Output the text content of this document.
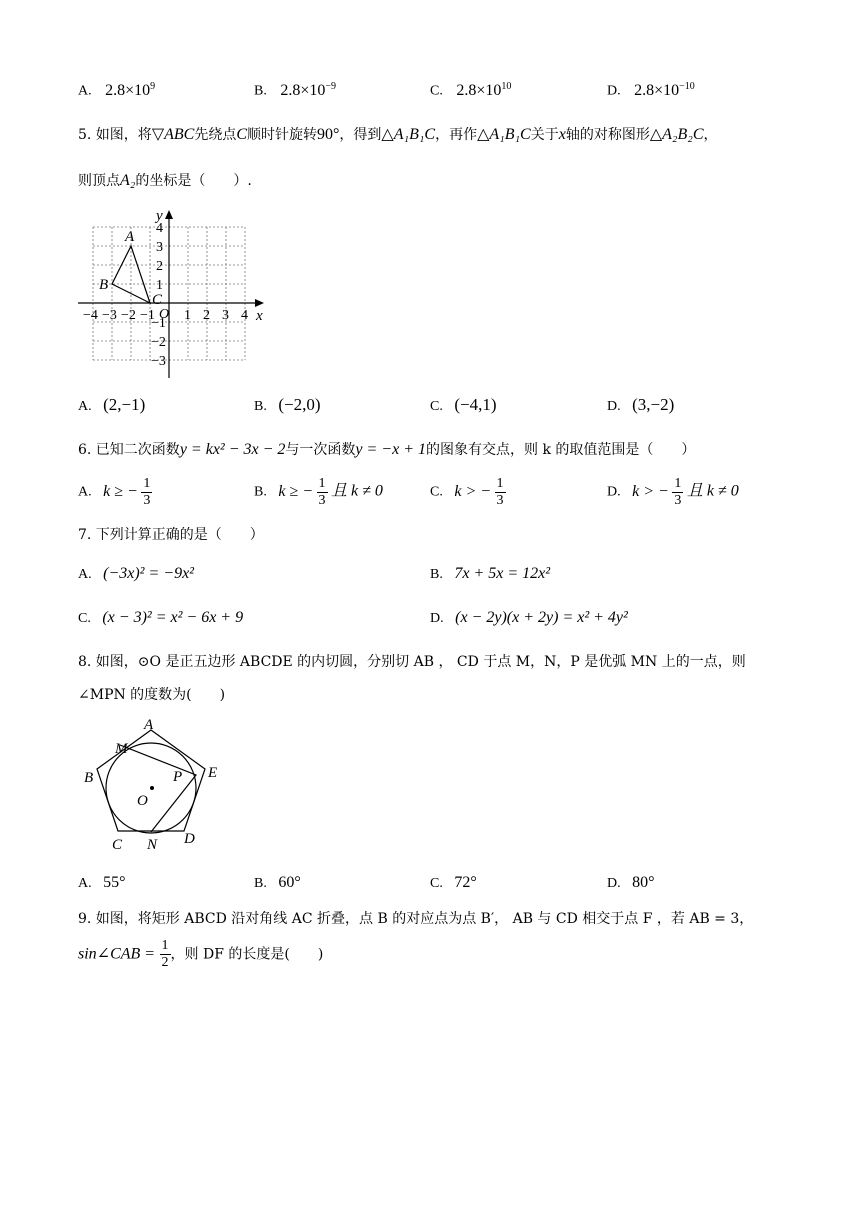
A. $2.8\times 10^9$	B. $2.8\times 10^{-9}$	C. $2.8\times 10^{10}$	D. $2.8\times 10^{-10}$
5. 如图，将▽ABC先绕点C顺时针旋转90°，得到△A₁B₁C，再作△A₁B₁C关于x轴的对称图形△A₂B₂C，
则顶点A₂的坐标是（　　）.
x
y
O
−4 −3 −2 −1 1 2 3 4
4
3
2
1
−1
−2
−3
A
B
C
A. (2,−1)	B. (−2,0)	C. (−4,1)	D. (3,−2)
6. 已知二次函数y = kx² − 3x − 2与一次函数y = −x + 1的图象有交点，则 k 的取值范围是（　　）
A. k ≥ − $\frac{1}{3}$	B. k ≥ − $\frac{1}{3}$ 且 k ≠ 0	C. k > − $\frac{1}{3}$	D. k > − $\frac{1}{3}$ 且 k ≠ 0
7. 下列计算正确的是（　　）
A. (−3x)² = −9x²	B. 7x + 5x = 12x²
C. (x − 3)² = x² − 6x + 9	D. (x − 2y)(x + 2y) = x² + 4y²
8. 如图，⊙O 是正五边形 ABCDE 的内切圆，分别切 AB ， CD 于点 M，N，P 是优弧 MN 上的一点，则
∠MPN 的度数为(　　)
A
M
B	P E
O
C N D
A. 55°	B. 60°	C. 72°	D. 80°
9. 如图，将矩形 ABCD 沿对角线 AC 折叠，点 B 的对应点为点 B′， AB 与 CD 相交于点 F ，若 AB = 3，
sin∠CAB = $\frac{1}{2}$ ，则 DF 的长度是(　　)
